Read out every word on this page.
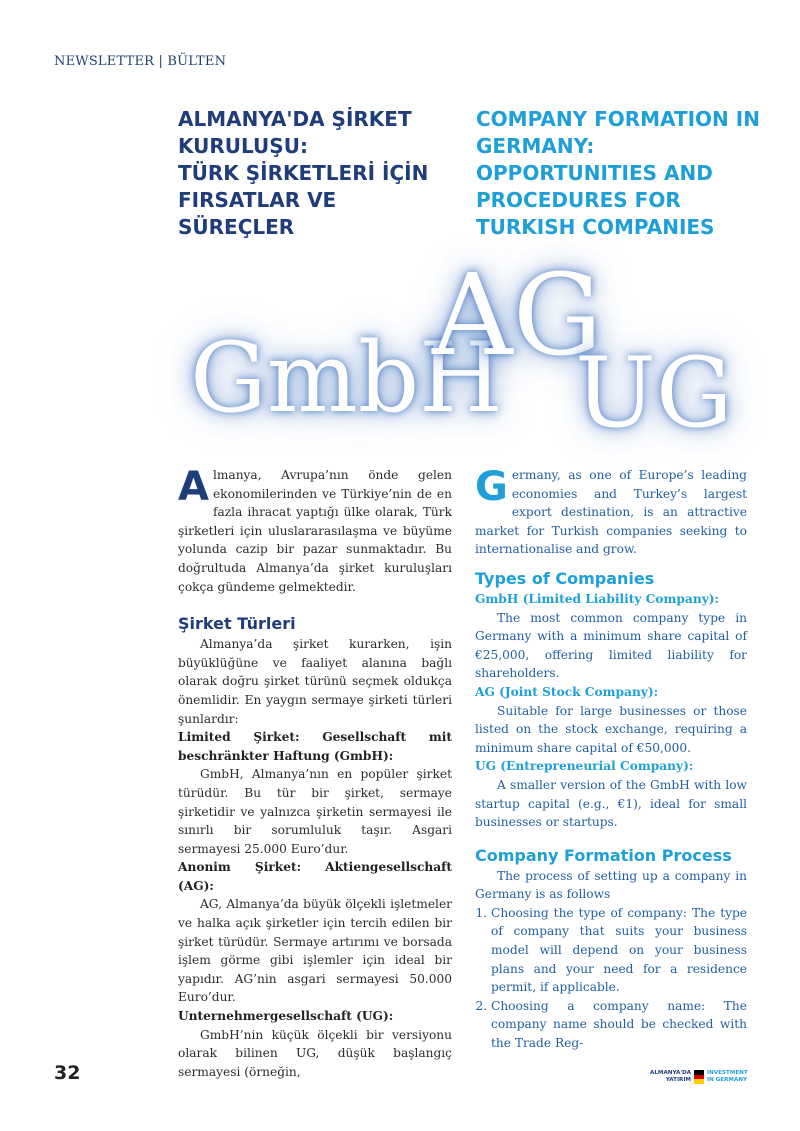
NEWSLETTER | BÜLTEN
ALMANYA'DA ŞİRKET
KURULUŞU:
TÜRK ŞİRKETLERİ İÇİN
FIRSATLAR VE
SÜREÇLER
COMPANY FORMATION IN
GERMANY:
OPPORTUNITIES AND
PROCEDURES FOR
TURKISH COMPANIES
GmbH
AG
UG

Almanya, Avrupa’nın önde gelen ekonomilerinden ve Türkiye’nin de en fazla ihracat yaptığı ülke olarak, Türk şirketleri için uluslararasılaşma ve büyüme yolunda cazip bir pazar sunmaktadır. Bu doğrultuda Almanya’da şirket kuruluşları çokça gündeme gelmektedir.

Şirket Türleri

Almanya’da şirket kurarken, işin büyüklüğüne ve faaliyet alanına bağlı olarak doğru şirket türünü seçmek oldukça önemlidir. En yaygın sermaye şirketi türleri şunlardır:

Limited Şirket: Gesellschaft mit beschränkter Haftung (GmbH):

GmbH, Almanya’nın en popüler şirket türüdür. Bu tür bir şirket, sermaye şirketidir ve yalnızca şirketin sermayesi ile sınırlı bir sorumluluk taşır. Asgari sermayesi 25.000 Euro’dur.

Anonim Şirket: Aktiengesellschaft (AG):

AG, Almanya’da büyük ölçekli işletmeler ve halka açık şirketler için tercih edilen bir şirket türüdür. Sermaye artırımı ve borsada işlem görme gibi işlemler için ideal bir yapıdır. AG’nin asgari sermayesi 50.000 Euro’dur.

Unternehmergesellschaft (UG):

GmbH’nin küçük ölçekli bir versiyonu olarak bilinen UG, düşük başlangıç sermayesi (örneğin,

Germany, as one of Europe’s leading economies and Turkey’s largest export destination, is an attractive market for Turkish companies seeking to internationalise and grow.

Types of Companies

GmbH (Limited Liability Company):

The most common company type in Germany with a minimum share capital of €25,000, offering limited liability for shareholders.

AG (Joint Stock Company):

Suitable for large businesses or those listed on the stock exchange, requiring a minimum share capital of €50,000.

UG (Entrepreneurial Company):

A smaller version of the GmbH with low startup capital (e.g., €1), ideal for small businesses or startups.

Company Formation Process

The process of setting up a company in Germany is as follows

1. Choosing the type of company: The type of company that suits your business model will depend on your business plans and your need for a residence permit, if applicable.
2. Choosing a company name: The company name should be checked with the Trade Reg-
32	ALMANYA'DA
YATIRIM
INVESTMENT
IN GERMANY
